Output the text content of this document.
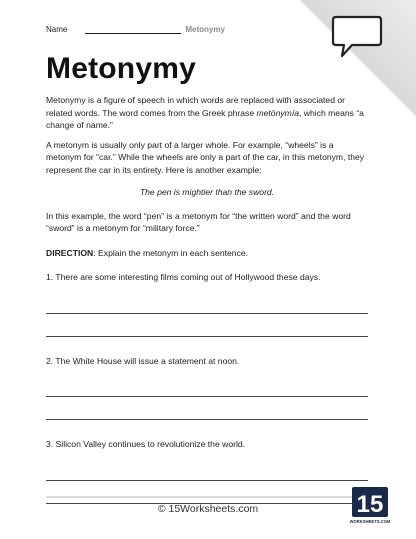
Name	Metonymy
Metonymy

Metonymy is a figure of speech in which words are replaced with associated or related words. The word comes from the Greek phrase metōnymía, which means “a change of name.”

A metonym is usually only part of a larger whole. For example, “wheels” is a metonym for “car.” While the wheels are only a part of the car, in this metonym, they represent the car in its entirety. Here is another example:

The pen is mightier than the sword.

In this example, the word “pen” is a metonym for “the written word” and the word “sword” is a metonym for “military force.”

DIRECTION: Explain the metonym in each sentence.

1. There are some interesting films coming out of Hollywood these days.

2. The White House will issue a statement at noon.

3. Silicon Valley continues to revolutionize the world.

© 15Worksheets.com	15
WORKSHEETS.COM
